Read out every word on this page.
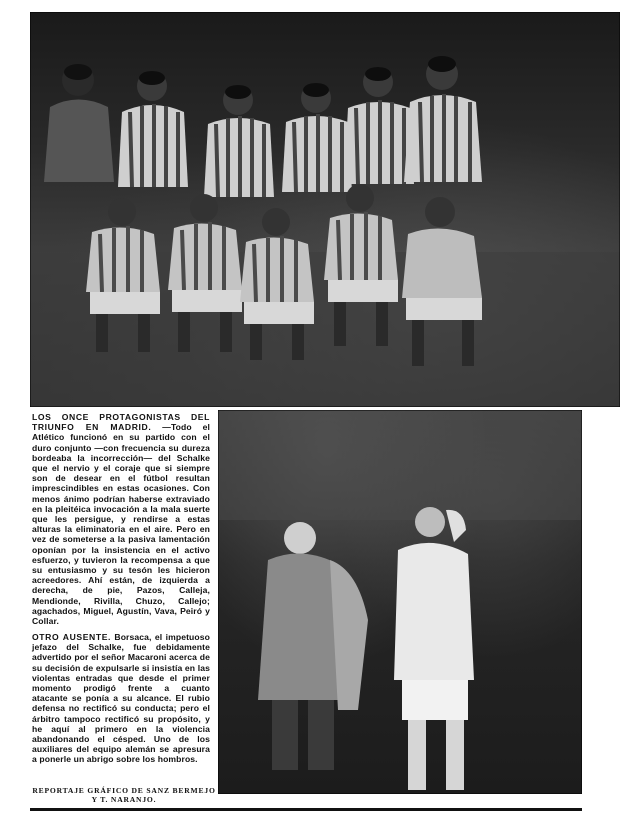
LOS ONCE PROTAGONISTAS DEL TRIUNFO EN MADRID. —Todo el Atlético funcionó en su partido con el duro conjunto —con frecuencia su dureza bordeaba la incorrección— del Schalke que el nervio y el coraje que si siempre son de desear en el fútbol resultan imprescindibles en estas ocasiones. Con menos ánimo podrían haberse extraviado en la pleitéica invocación a la mala suerte que les persigue, y rendirse a estas alturas la eliminatoria en el aire. Pero en vez de someterse a la pasiva lamentación oponían por la insistencia en el activo esfuerzo, y tuvieron la recompensa a que su entusiasmo y su tesón les hicieron acreedores. Ahí están, de izquierda a derecha, de pie, Pazos, Calleja, Mendionde, Rivilla, Chuzo, Callejo; agachados, Miguel, Agustín, Vava, Peiró y Collar.
OTRO AUSENTE. Borsaca, el impetuoso jefazo del Schalke, fue debidamente advertido por el señor Macaroni acerca de su decisión de expulsarle si insistía en las violentas entradas que desde el primer momento prodigó frente a cuanto atacante se ponía a su alcance. El rubio defensa no rectificó su conducta; pero el árbitro tampoco rectificó su propósito, y he aquí al primero en la violencia abandonando el césped. Uno de los auxiliares del equipo alemán se apresura a ponerle un abrigo sobre los hombros.
REPORTAJE GRÁFICO DE SANZ BERMEJO
Y T. NARANJO.
